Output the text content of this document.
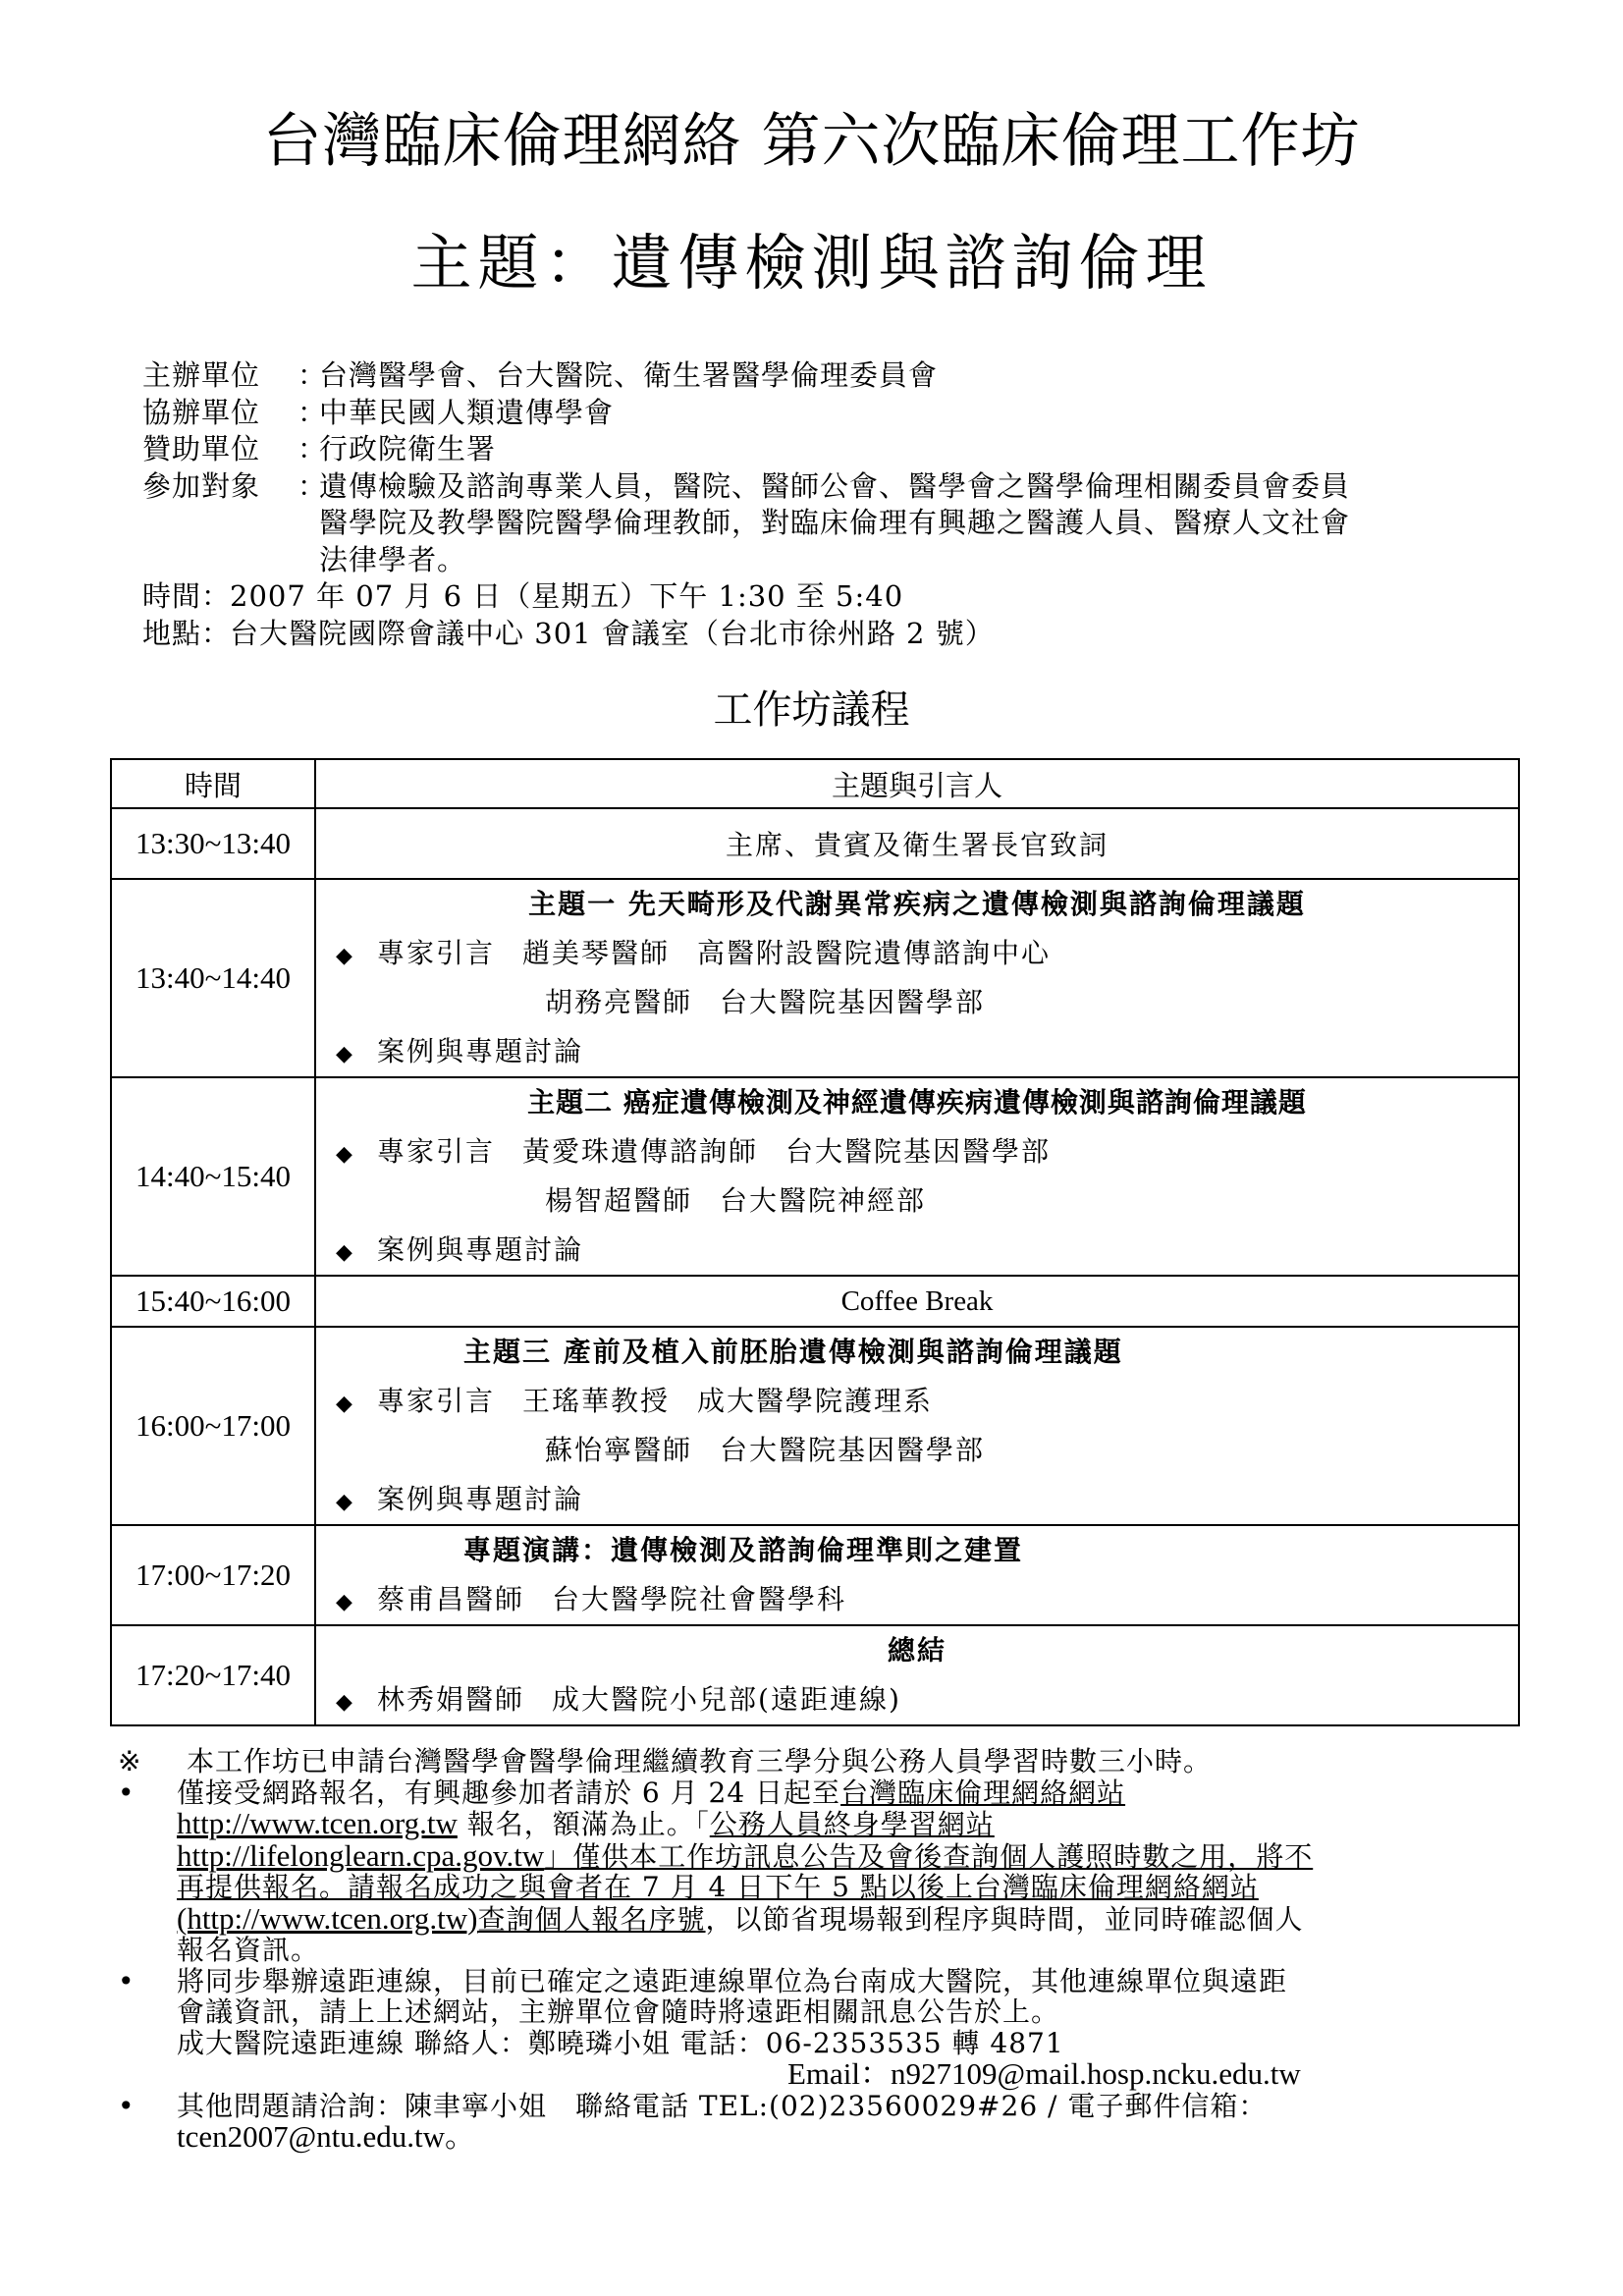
台灣臨床倫理網絡 第六次臨床倫理工作坊
主題：遺傳檢測與諮詢倫理
主辦單位	：
台灣醫學會、台大醫院、衛生署醫學倫理委員會
協辦單位	：
中華民國人類遺傳學會
贊助單位	：
行政院衛生署
參加對象	：
遺傳檢驗及諮詢專業人員，醫院、醫師公會、醫學會之醫學倫理相關委員會委員
醫學院及教學醫院醫學倫理教師，對臨床倫理有興趣之醫護人員、醫療人文社會
法律學者。
時間 ： 2007 年 07 月 6 日（星期五）下午 1:30 至 5:40
地點 ： 台大醫院國際會議中心 301 會議室（台北市徐州路 2 號）
工作坊議程
時間	主題與引言人
13:30~13:40	主席、貴賓及衛生署長官致詞
13:40~14:40	主題一 先天畸形及代謝異常疾病之遺傳檢測與諮詢倫理議題
◆ 專家引言 趙美琴醫師 高醫附設醫院遺傳諮詢中心
胡務亮醫師 台大醫院基因醫學部
◆ 案例與專題討論

14:40~15:40	主題二 癌症遺傳檢測及神經遺傳疾病遺傳檢測與諮詢倫理議題
◆ 專家引言 黃愛珠遺傳諮詢師 台大醫院基因醫學部
楊智超醫師 台大醫院神經部
◆ 案例與專題討論

15:40~16:00	Coffee Break
16:00~17:00	主題三 產前及植入前胚胎遺傳檢測與諮詢倫理議題
◆ 專家引言 王瑤華教授 成大醫學院護理系
蘇怡寧醫師 台大醫院基因醫學部
◆ 案例與專題討論

17:00~17:20	專題演講：遺傳檢測及諮詢倫理準則之建置
◆ 蔡甫昌醫師 台大醫學院社會醫學科

17:20~17:40	總結
◆ 林秀娟醫師 成大醫院小兒部(遠距連線)
※ 本工作坊已申請台灣醫學會醫學倫理繼續教育三學分與公務人員學習時數三小時。
• 僅接受網路報名，有興趣參加者請於 6 月 24 日起至台灣臨床倫理網絡網站
http://www.tcen.org.tw 報名，額滿為止。「公務人員終身學習網站
http://lifelonglearn.cpa.gov.tw」僅供本工作坊訊息公告及會後查詢個人護照時數之用，將不
再提供報名。請報名成功之與會者在 7 月 4 日下午 5 點以後上台灣臨床倫理網絡網站
(http://www.tcen.org.tw)查詢個人報名序號，以節省現場報到程序與時間，並同時確認個人
報名資訊。
• 將同步舉辦遠距連線，目前已確定之遠距連線單位為台南成大醫院，其他連線單位與遠距
會議資訊，請上上述網站，主辦單位會隨時將遠距相關訊息公告於上。
成大醫院遠距連線 聯絡人：鄭曉璘小姐 電話：06-2353535 轉 4871
Email：n927109@mail.hosp.ncku.edu.tw
• 其他問題請洽詢：陳聿寧小姐　聯絡電話 TEL:(02)23560029#26 / 電子郵件信箱：
tcen2007@ntu.edu.tw。
